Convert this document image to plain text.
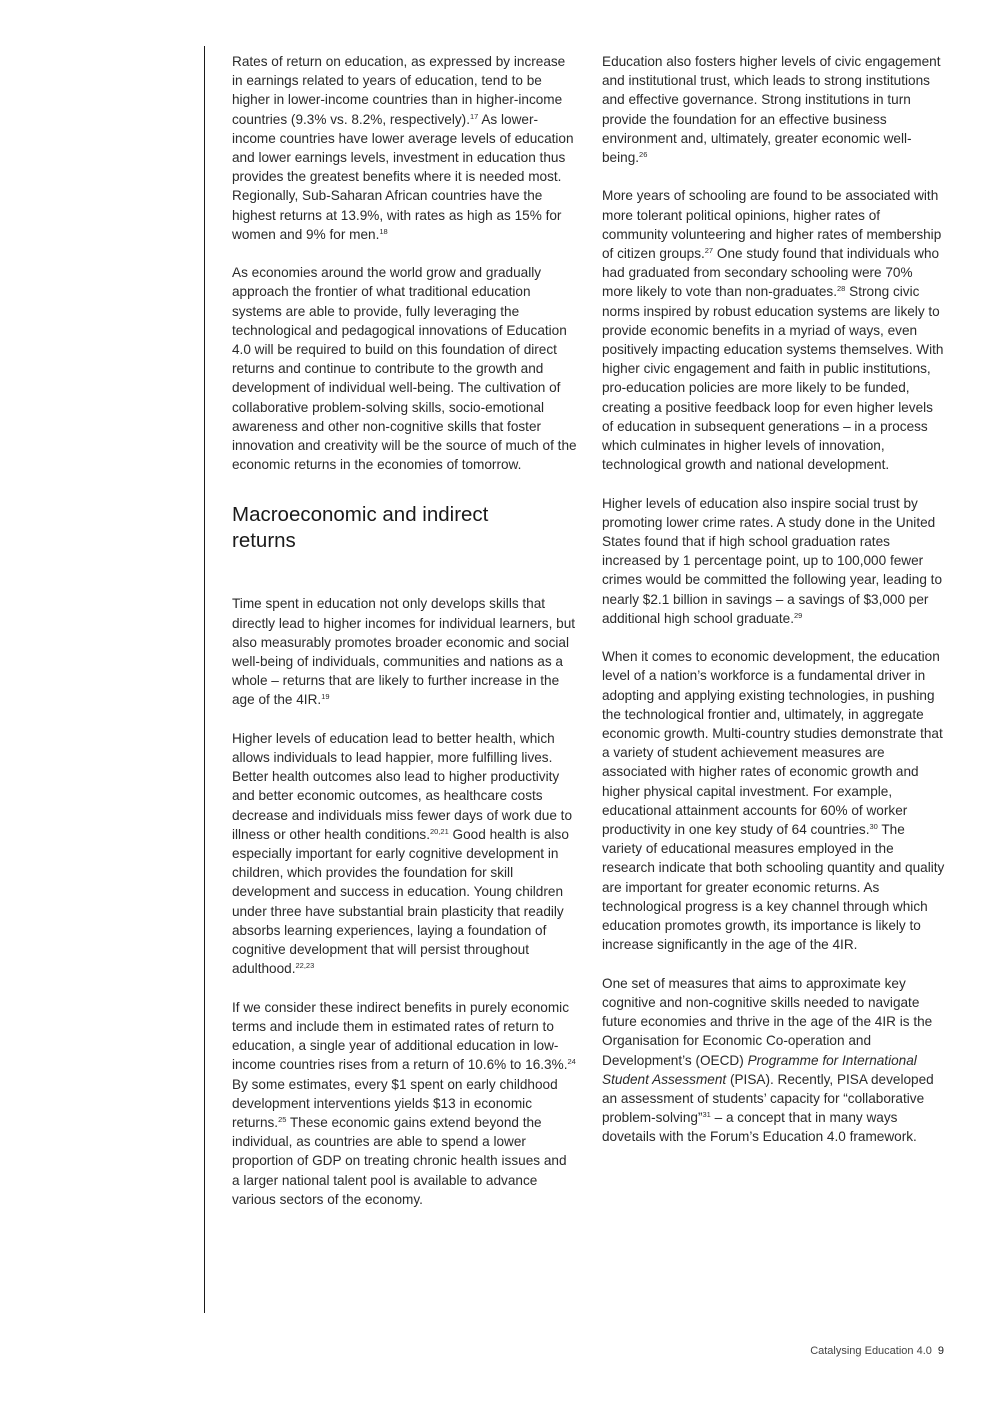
Rates of return on education, as expressed by increase in earnings related to years of education, tend to be higher in lower-income countries than in higher-income countries (9.3% vs. 8.2%, respectively).$^{17}$ As lower-income countries have lower average levels of education and lower earnings levels, investment in education thus provides the greatest benefits where it is needed most. Regionally, Sub-Saharan African countries have the highest returns at 13.9%, with rates as high as 15% for women and 9% for men.$^{18}$

As economies around the world grow and gradually approach the frontier of what traditional education systems are able to provide, fully leveraging the technological and pedagogical innovations of Education 4.0 will be required to build on this foundation of direct returns and continue to contribute to the growth and development of individual well-being. The cultivation of collaborative problem-solving skills, socio-emotional awareness and other non-cognitive skills that foster innovation and creativity will be the source of much of the economic returns in the economies of tomorrow.

Macroeconomic and indirect returns

Time spent in education not only develops skills that directly lead to higher incomes for individual learners, but also measurably promotes broader economic and social well-being of individuals, communities and nations as a whole – returns that are likely to further increase in the age of the 4IR.$^{19}$

Higher levels of education lead to better health, which allows individuals to lead happier, more fulfilling lives. Better health outcomes also lead to higher productivity and better economic outcomes, as healthcare costs decrease and individuals miss fewer days of work due to illness or other health conditions.$^{20,21}$ Good health is also especially important for early cognitive development in children, which provides the foundation for skill development and success in education. Young children under three have substantial brain plasticity that readily absorbs learning experiences, laying a foundation of cognitive development that will persist throughout adulthood.$^{22,23}$

If we consider these indirect benefits in purely economic terms and include them in estimated rates of return to education, a single year of additional education in low-income countries rises from a return of 10.6% to 16.3%.$^{24}$ By some estimates, every $1 spent on early childhood development interventions yields $13 in economic returns.$^{25}$ These economic gains extend beyond the individual, as countries are able to spend a lower proportion of GDP on treating chronic health issues and a larger national talent pool is available to advance various sectors of the economy.

Education also fosters higher levels of civic engagement and institutional trust, which leads to strong institutions and effective governance. Strong institutions in turn provide the foundation for an effective business environment and, ultimately, greater economic well-being.$^{26}$

More years of schooling are found to be associated with more tolerant political opinions, higher rates of community volunteering and higher rates of membership of citizen groups.$^{27}$ One study found that individuals who had graduated from secondary schooling were 70% more likely to vote than non-graduates.$^{28}$ Strong civic norms inspired by robust education systems are likely to provide economic benefits in a myriad of ways, even positively impacting education systems themselves. With higher civic engagement and faith in public institutions, pro-education policies are more likely to be funded, creating a positive feedback loop for even higher levels of education in subsequent generations – in a process which culminates in higher levels of innovation, technological growth and national development.

Higher levels of education also inspire social trust by promoting lower crime rates. A study done in the United States found that if high school graduation rates increased by 1 percentage point, up to 100,000 fewer crimes would be committed the following year, leading to nearly $2.1 billion in savings – a savings of $3,000 per additional high school graduate.$^{29}$

When it comes to economic development, the education level of a nation’s workforce is a fundamental driver in adopting and applying existing technologies, in pushing the technological frontier and, ultimately, in aggregate economic growth. Multi-country studies demonstrate that a variety of student achievement measures are associated with higher rates of economic growth and higher physical capital investment. For example, educational attainment accounts for 60% of worker productivity in one key study of 64 countries.$^{30}$ The variety of educational measures employed in the research indicate that both schooling quantity and quality are important for greater economic returns. As technological progress is a key channel through which education promotes growth, its importance is likely to increase significantly in the age of the 4IR.

One set of measures that aims to approximate key cognitive and non-cognitive skills needed to navigate future economies and thrive in the age of the 4IR is the Organisation for Economic Co-operation and Development’s (OECD) Programme for International Student Assessment (PISA). Recently, PISA developed an assessment of students’ capacity for “collaborative problem-solving”$^{31}$ – a concept that in many ways dovetails with the Forum’s Education 4.0 framework.

Catalysing Education 4.0 9
